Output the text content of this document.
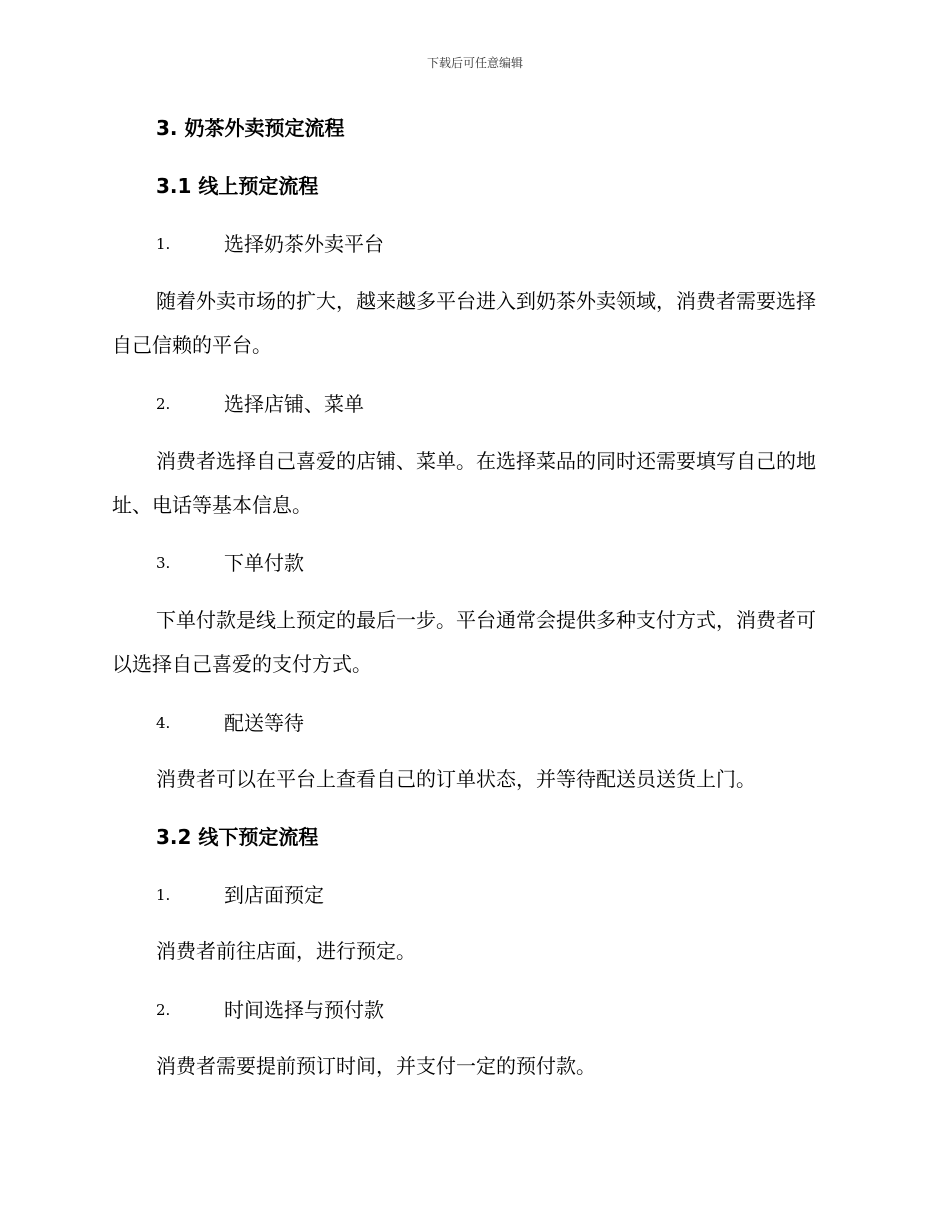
下载后可任意编辑
3. 奶茶外卖预定流程
3.1 线上预定流程
1.	选择奶茶外卖平台
随着外卖市场的扩大，越来越多平台进入到奶茶外卖领域，消费者需要选择自己信赖的平台。
2.	选择店铺、菜单
消费者选择自己喜爱的店铺、菜单。在选择菜品的同时还需要填写自己的地址、电话等基本信息。
3.	下单付款
下单付款是线上预定的最后一步。平台通常会提供多种支付方式，消费者可以选择自己喜爱的支付方式。
4.	配送等待
消费者可以在平台上查看自己的订单状态，并等待配送员送货上门。
3.2 线下预定流程
1.	到店面预定
消费者前往店面，进行预定。
2.	时间选择与预付款
消费者需要提前预订时间，并支付一定的预付款。
